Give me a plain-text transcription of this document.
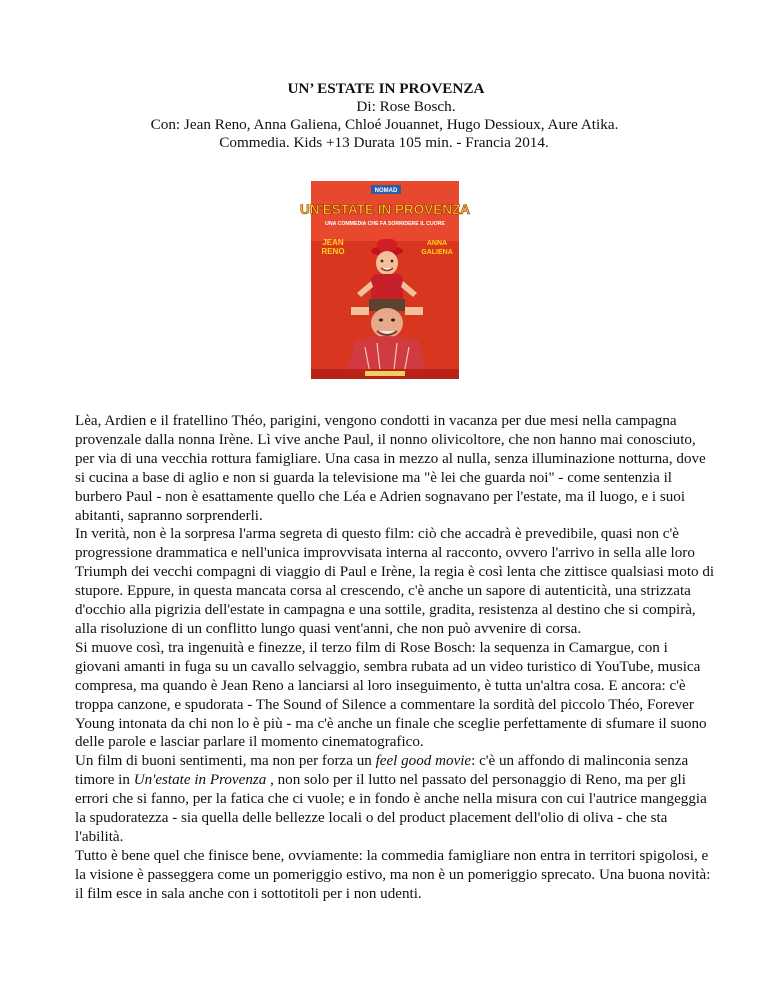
UN’ ESTATE IN PROVENZA
Di: Rose Bosch.
Con: Jean Reno, Anna Galiena, Chloé Jouannet, Hugo Dessioux, Aure Atika.
Commedia. Kids +13 Durata 105 min. - Francia 2014.
NOMAD
UN'ESTATE IN PROVENZA
UNA COMMEDIA CHE FA SORRIDERE IL CUORE
JEAN
RENO
ANNA
GALIENA

Lèa, Ardien e il fratellino Théo, parigini, vengono condotti in vacanza per due mesi nella campagna provenzale dalla nonna Irène. Lì vive anche Paul, il nonno olivicoltore, che non hanno mai conosciuto, per via di una vecchia rottura famigliare. Una casa in mezzo al nulla, senza illuminazione notturna, dove si cucina a base di aglio e non si guarda la televisione ma "è lei che guarda noi" - come sentenzia il burbero Paul - non è esattamente quello che Léa e Adrien sognavano per l'estate, ma il luogo, e i suoi abitanti, sapranno sorprenderli.

In verità, non è la sorpresa l'arma segreta di questo film: ciò che accadrà è prevedibile, quasi non c'è progressione drammatica e nell'unica improvvisata interna al racconto, ovvero l'arrivo in sella alle loro Triumph dei vecchi compagni di viaggio di Paul e Irène, la regia è così lenta che zittisce qualsiasi moto di stupore. Eppure, in questa mancata corsa al crescendo, c'è anche un sapore di autenticità, una strizzata d'occhio alla pigrizia dell'estate in campagna e una sottile, gradita, resistenza al destino che si compirà, alla risoluzione di un conflitto lungo quasi vent'anni, che non può avvenire di corsa.

Si muove così, tra ingenuità e finezze, il terzo film di Rose Bosch: la sequenza in Camargue, con i giovani amanti in fuga su un cavallo selvaggio, sembra rubata ad un video turistico di YouTube, musica compresa, ma quando è Jean Reno a lanciarsi al loro inseguimento, è tutta un'altra cosa. E ancora: c'è troppa canzone, e spudorata - The Sound of Silence a commentare la sordità del piccolo Théo, Forever Young intonata da chi non lo è più - ma c'è anche un finale che sceglie perfettamente di sfumare il suono delle parole e lasciar parlare il momento cinematografico.

Un film di buoni sentimenti, ma non per forza un feel good movie: c'è un affondo di malinconia senza timore in Un'estate in Provenza , non solo per il lutto nel passato del personaggio di Reno, ma per gli errori che si fanno, per la fatica che ci vuole; e in fondo è anche nella misura con cui l'autrice mangeggia la spudoratezza - sia quella delle bellezze locali o del product placement dell'olio di oliva - che sta l'abilità.

Tutto è bene quel che finisce bene, ovviamente: la commedia famigliare non entra in territori spigolosi, e la visione è passeggera come un pomeriggio estivo, ma non è un pomeriggio sprecato. Una buona novità: il film esce in sala anche con i sottotitoli per i non udenti.
